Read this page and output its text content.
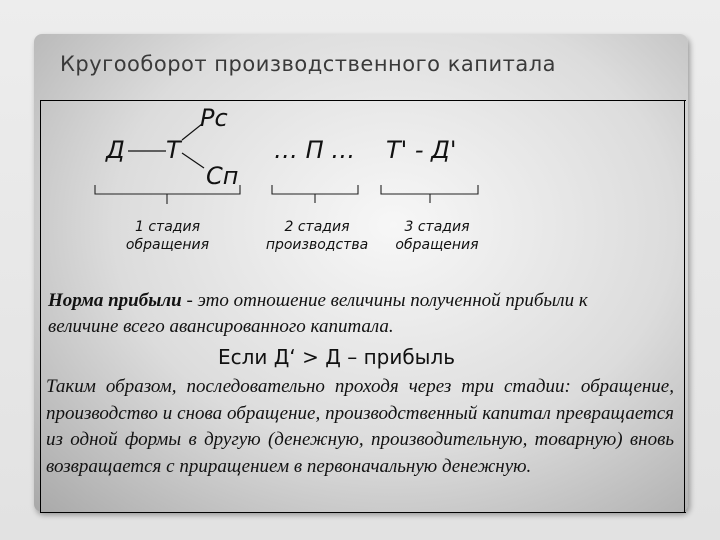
Кругооборот производственного капитала
Д Т
Рс
Сп
… П … Т' - Д'
1 стадия
обращения
2 стадия
производства
3 стадия
обращения
Норма прибыли - это отношение величины полученной прибыли к величине всего авансированного капитала.
Если Д‘ > Д – прибыль
Таким образом, последовательно проходя через три стадии: обращение, производство и снова обращение, производственный капитал превращается из одной формы в другую (денежную, производительную, товарную) вновь возвращается с приращением в первоначальную денежную.
